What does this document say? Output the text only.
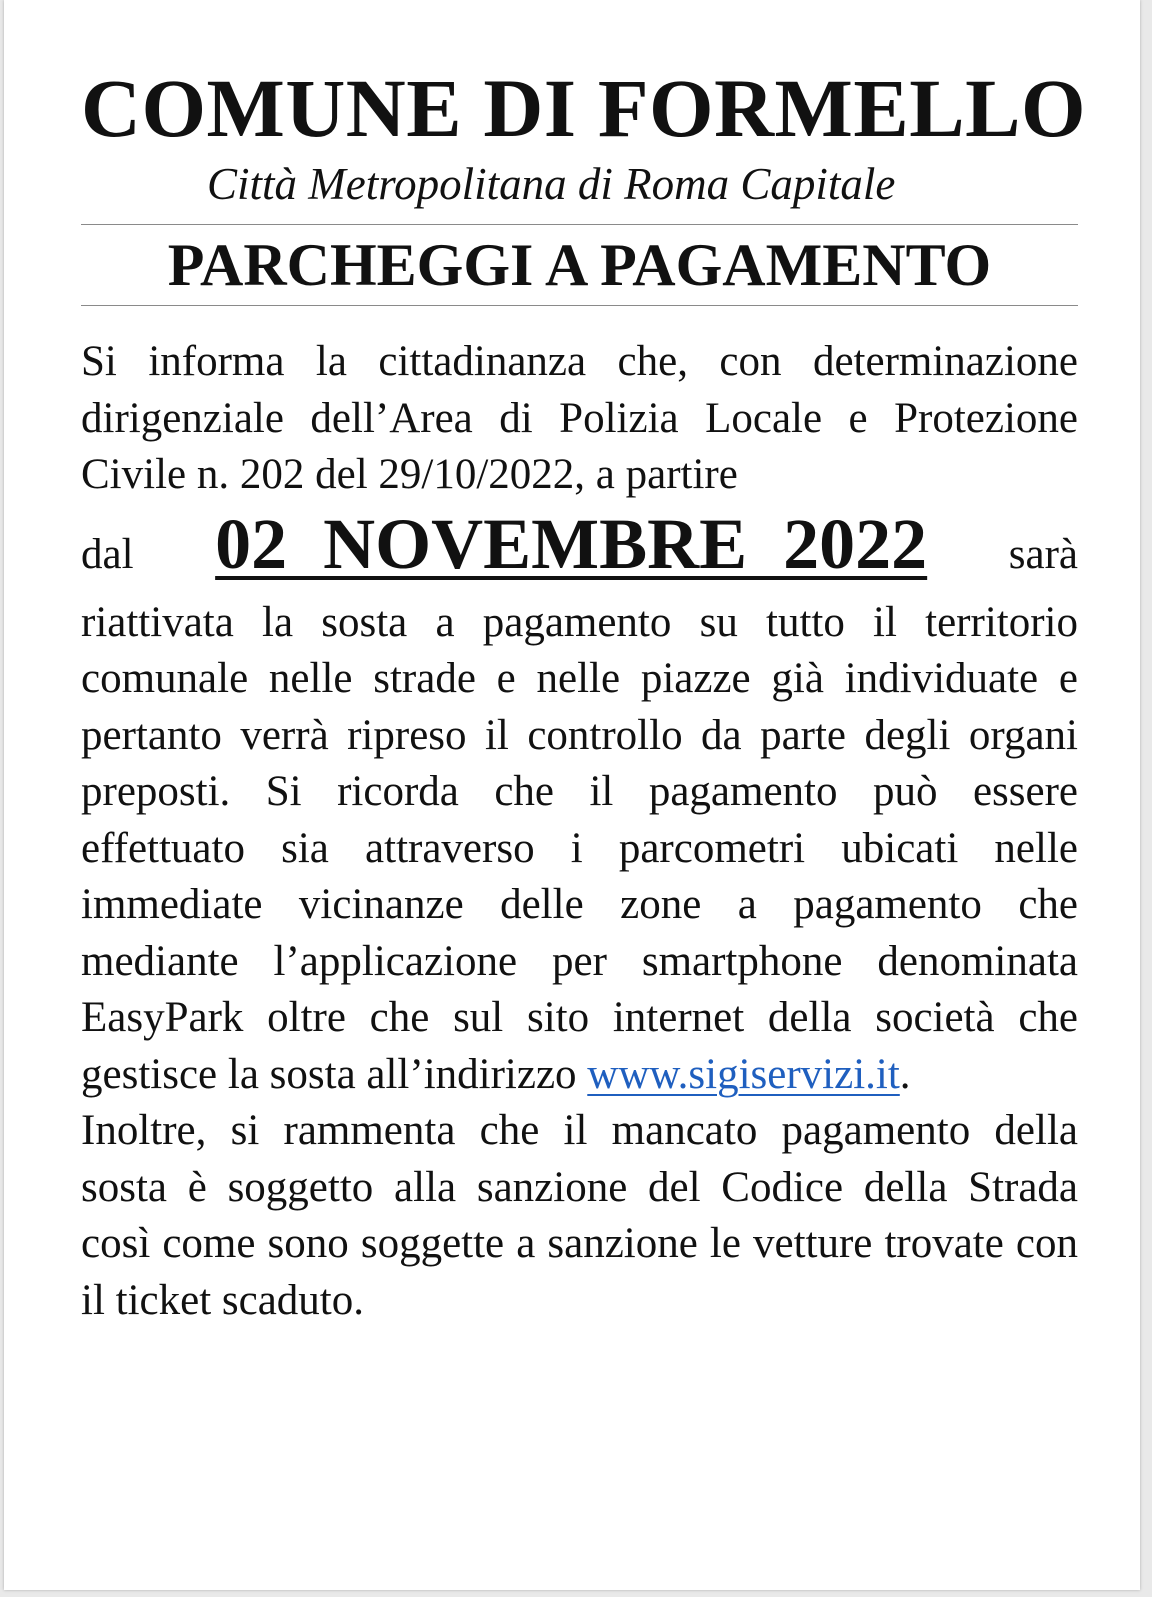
COMUNE DI FORMELLO

Città Metropolitana di Roma Capitale

PARCHEGGI A PAGAMENTO

Si informa la cittadinanza che, con determinazione dirigenziale dell’Area di Polizia Locale e Protezione Civile n. 202 del 29/10/2022, a partire

dal 02 NOVEMBRE 2022 sarà

riattivata la sosta a pagamento su tutto il territorio comunale nelle strade e nelle piazze già individuate e pertanto verrà ripreso il controllo da parte degli organi preposti. Si ricorda che il pagamento può essere effettuato sia attraverso i parcometri ubicati nelle immediate vicinanze delle zone a pagamento che mediante l’applicazione per smartphone denominata EasyPark oltre che sul sito internet della società che gestisce la sosta all’indirizzo www.sigiservizi.it.

Inoltre, si rammenta che il mancato pagamento della sosta è soggetto alla sanzione del Codice della Strada così come sono soggette a sanzione le vetture trovate con il ticket scaduto.
